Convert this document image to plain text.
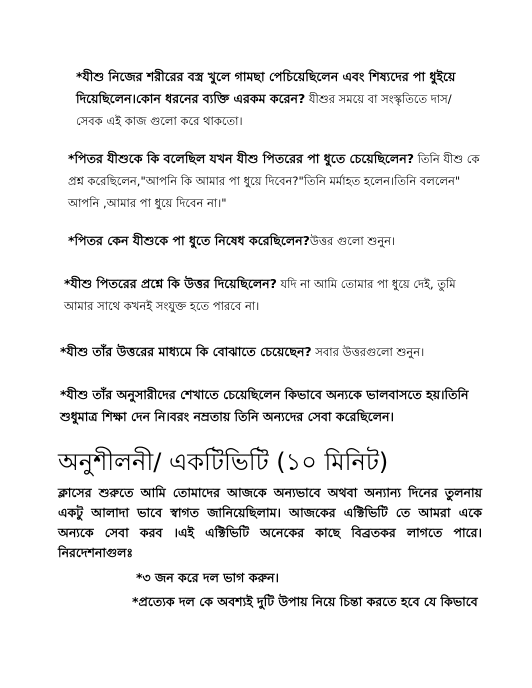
*যীশু নিজের শরীরের বস্ত্র খুলে গামছা পেচিয়েছিলেন এবং শিষ্যদের পা ধুইয়ে দিয়েছিলেন।কোন ধরনের ব্যক্তি এরকম করেন? যীশুর সময়ে বা সংস্কৃতিতে দাস/সেবক এই কাজ গুলো করে থাকতো।
*পিতর যীশুকে কি বলেছিল যখন যীশু পিতরের পা ধুতে চেয়েছিলেন? তিনি যীশু কে প্রশ্ন করেছিলেন,"আপনি কি আমার পা ধুয়ে দিবেন?"তিনি মর্মাহত হলেন।তিনি বললেন" আপনি ,আমার পা ধুয়ে দিবেন না।"
*পিতর কেন যীশুকে পা ধুতে নিষেধ করেছিলেন?উত্তর গুলো শুনুন।
*যীশু পিতরের প্রশ্নে কি উত্তর দিয়েছিলেন? যদি না আমি তোমার পা ধুয়ে দেই, তুমি আমার সাথে কখনই সংযুক্ত হতে পারবে না।
*যীশু তাঁর উত্তরের মাধ্যমে কি বোঝাতে চেয়েছেন? সবার উত্তরগুলো শুনুন।
*যীশু তাঁর অনুসারীদের শেখাতে চেয়েছিলেন কিভাবে অন্যকে ভালবাসতে হয়।তিনি শুধুমাত্র শিক্ষা দেন নি।বরং নম্রতায় তিনি অন্যদের সেবা করেছিলেন।
অনুশীলনী/ একটিভিটি (১০ মিনিট)
ক্লাসের শুরুতে আমি তোমাদের আজকে অন্যভাবে অথবা অন্যান্য দিনের তুলনায় একটু আলাদা ভাবে স্বাগত জানিয়েছিলাম। আজকের এক্টিভিটি তে আমরা একে অন্যকে সেবা করব ।এই এক্টিভিটি অনেকের কাছে বিব্রতকর লাগতে পারে।নিরদেশনাগুলঃ
*৩ জন করে দল ভাগ করুন।
*প্রত্যেক দল কে অবশ্যই দুটি উপায় নিয়ে চিন্তা করতে হবে যে কিভাবে
